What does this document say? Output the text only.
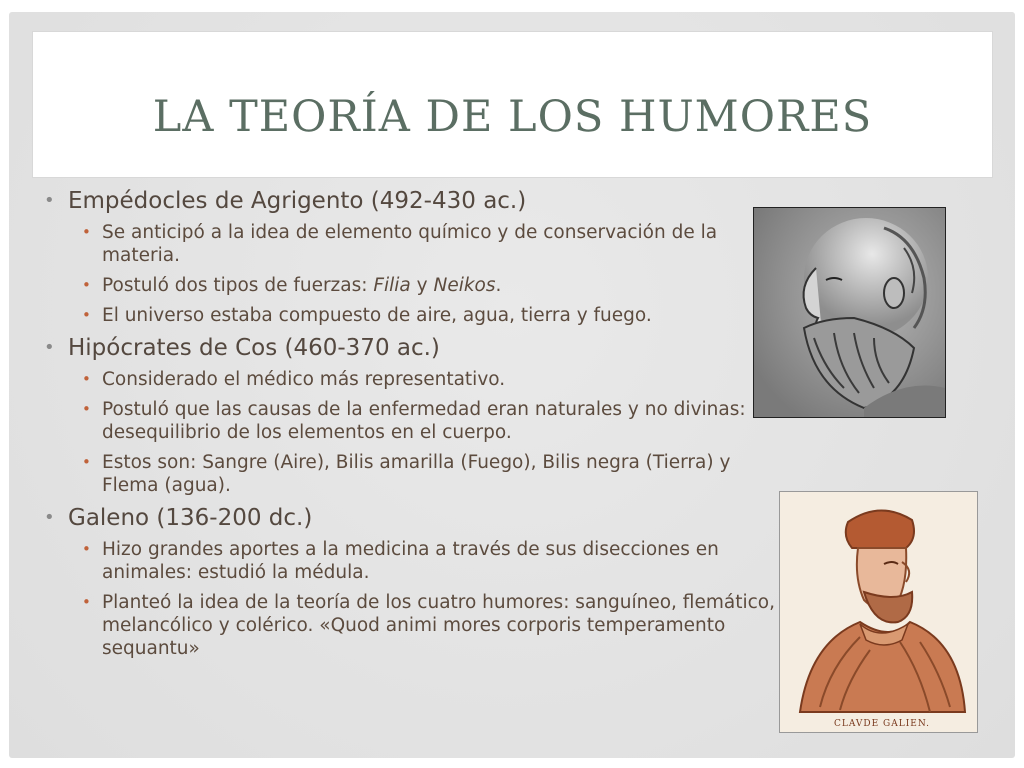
LA TEORÍA DE LOS HUMORES
• Empédocles de Agrigento (492-430 ac.)
• Se anticipó a la idea de elemento químico y de conservación de la materia.
• Postuló dos tipos de fuerzas: Filia y Neikos.
• El universo estaba compuesto de aire, agua, tierra y fuego.
• Hipócrates de Cos (460-370 ac.)
• Considerado el médico más representativo.
• Postuló que las causas de la enfermedad eran naturales y no divinas: desequilibrio de los elementos en el cuerpo.
• Estos son: Sangre (Aire), Bilis amarilla (Fuego), Bilis negra (Tierra) y Flema (agua).
• Galeno (136-200 dc.)
• Hizo grandes aportes a la medicina a través de sus disecciones en animales: estudió la médula.
• Planteó la idea de la teoría de los cuatro humores: sanguíneo, flemático, melancólico y colérico. «Quod animi mores corporis temperamento sequantu»
CLAVDE GALIEN.
